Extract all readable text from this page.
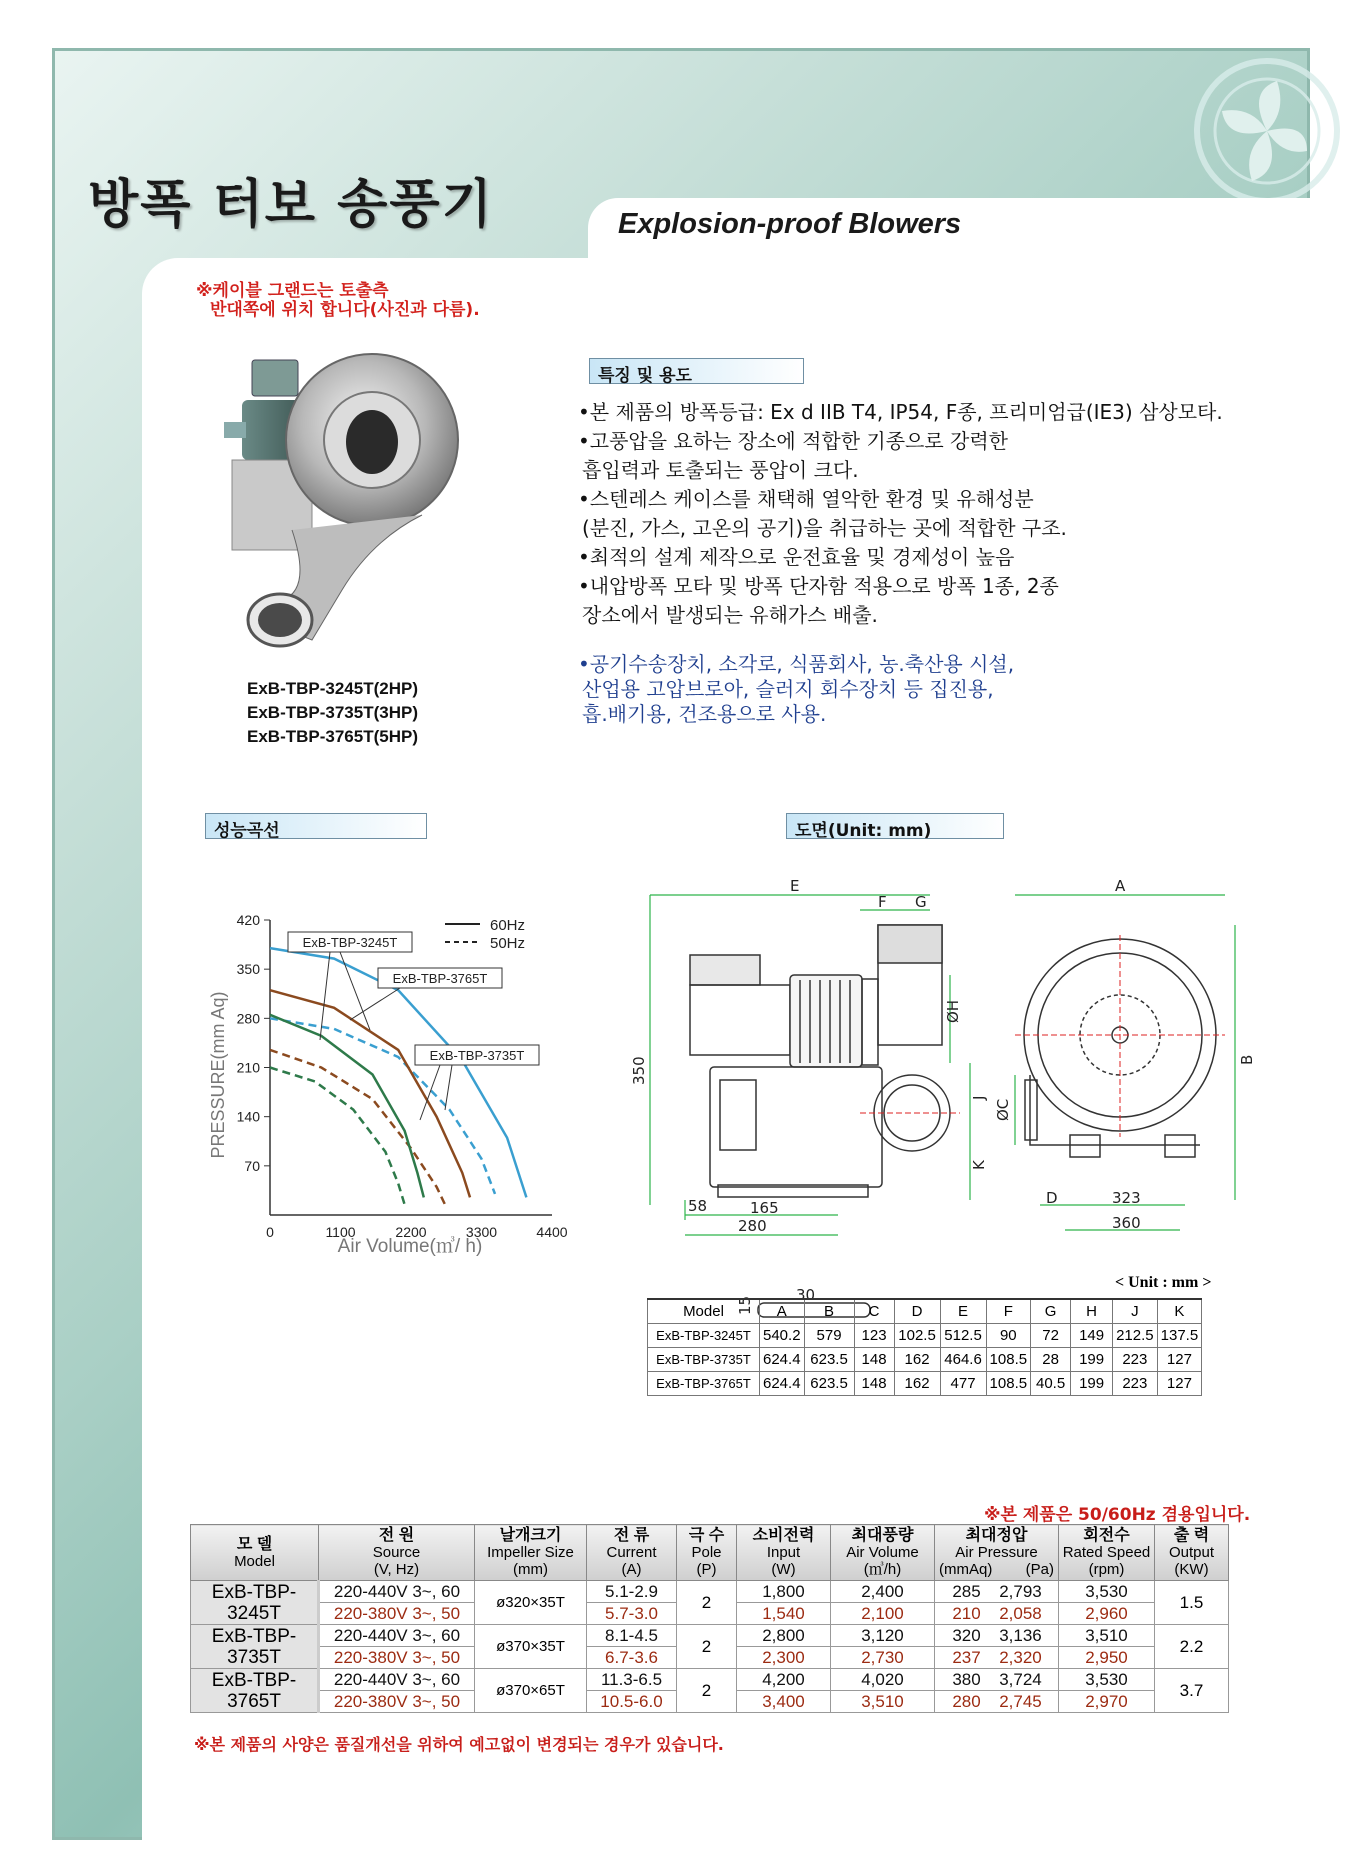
방폭 터보 송풍기	Explosion-proof Blowers
※케이블 그랜드는 토출측
반대쪽에 위치 합니다(사진과 다름).
ExB-TBP-3245T(2HP)
ExB-TBP-3735T(3HP)
ExB-TBP-3765T(5HP)
특징 및 용도
•본 제품의 방폭등급: Ex d IIB T4, IP54, F종, 프리미엄급(IE3) 삼상모타.
•고풍압을 요하는 장소에 적합한 기종으로 강력한
흡입력과 토출되는 풍압이 크다.
•스텐레스 케이스를 채택해 열악한 환경 및 유해성분
(분진, 가스, 고온의 공기)을 취급하는 곳에 적합한 구조.
•최적의 설계 제작으로 운전효율 및 경제성이 높음
•내압방폭 모타 및 방폭 단자함 적용으로 방폭 1종, 2종
장소에서 발생되는 유해가스 배출.
•공기수송장치, 소각로, 식품회사, 농.축산용 시설,
산업용 고압브로아, 슬러지 회수장치 등 집진용,
흡.배기용, 건조용으로 사용.
성능곡선	도면(Unit: mm)
70
140
210
280
350
420
0	1100	2200	3300	4400
PRESSURE(mm Aq)
Air Volume(㎥/ h)
60Hz
50Hz
ExB-TBP-3245T
ExB-TBP-3765T
ExB-TBP-3735T
E
F G
A
ØH
J
K
ØC
D
B
350
58	165
280
323
360
15
30
< Unit : mm >
Model	A	B	C	D	E	F	G	H	J	K
ExB-TBP-3245T	540.2	579	123	102.5	512.5	90	72	149	212.5	137.5
ExB-TBP-3735T	624.4	623.5	148	162	464.6	108.5	28	199	223	127
ExB-TBP-3765T	624.4	623.5	148	162	477	108.5	40.5	199	223	127
※본 제품은 50/60Hz 겸용입니다.
모 델
Model	전 원
Source
(V, Hz)	날개크기
Impeller Size
(mm)	전 류
Current
(A)	극 수
Pole
(P)	소비전력
Input
(W)	최대풍량
Air Volume
(㎥/h)	최대정압
Air Pressure
(mmAq)        (Pa)	회전수
Rated Speed
(rpm)	출 력
Output
(KW)

ExB-TBP-3245T	220-440V 3~, 60	ø320×35T	5.1-2.9	2	1,800	2,400	285 2,793	3,530	1.5
	220-380V 3~, 50		5.7-3.0		1,540	2,100	210 2,058	2,960	
ExB-TBP-3735T	220-440V 3~, 60	ø370×35T	8.1-4.5	2	2,800	3,120	320 3,136	3,510	2.2
	220-380V 3~, 50		6.7-3.6		2,300	2,730	237 2,320	2,950	
ExB-TBP-3765T	220-440V 3~, 60	ø370×65T	11.3-6.5	2	4,200	4,020	380 3,724	3,530	3.7
	220-380V 3~, 50		10.5-6.0		3,400	3,510	280 2,745	2,970	
※본 제품의 사양은 품질개선을 위하여 예고없이 변경되는 경우가 있습니다.
